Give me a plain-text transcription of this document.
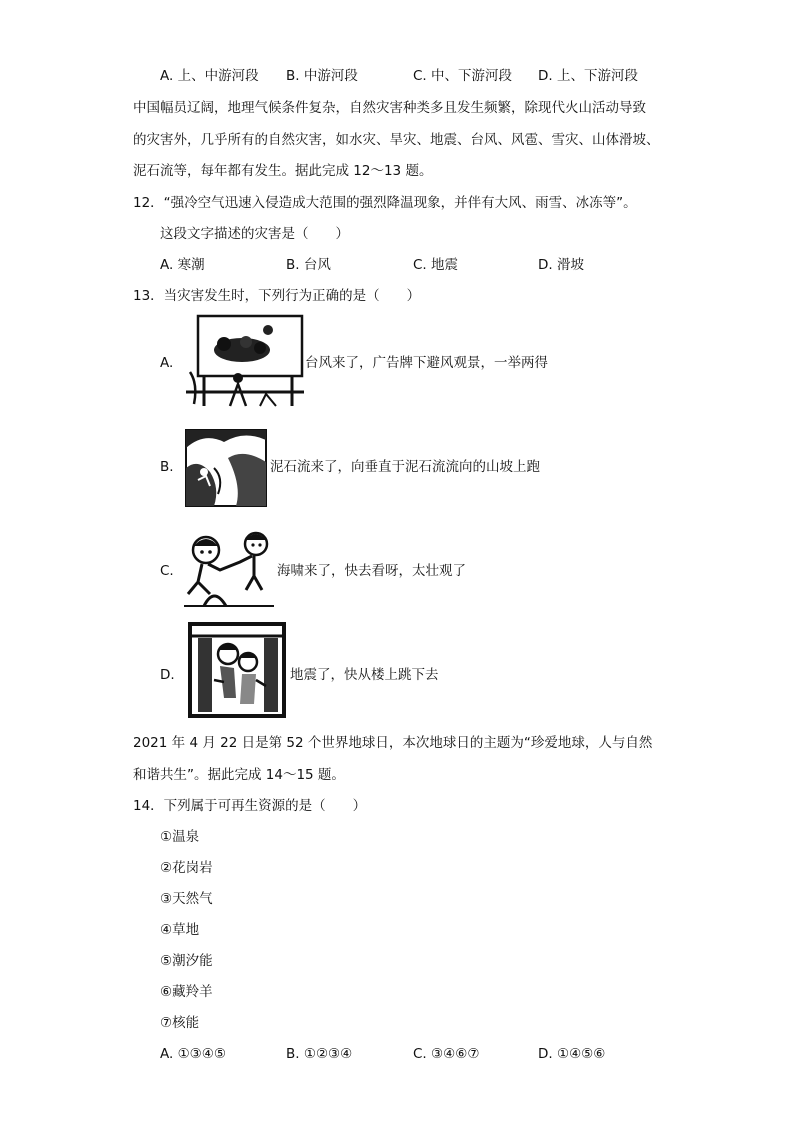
A. 上、中游河段 B. 中游河段	C. 中、下游河段 D. 上、下游河段
中国幅员辽阔，地理气候条件复杂，自然灾害种类多且发生频繁，除现代火山活动导致
的灾害外，几乎所有的自然灾害，如水灾、旱灾、地震、台风、风雹、雪灾、山体滑坡、
泥石流等，每年都有发生。据此完成 12～13 题。
12．“强冷空气迅速入侵造成大范围的强烈降温现象，并伴有大风、雨雪、冰冻等”。
这段文字描述的灾害是（　　）
A. 寒潮	B. 台风	C. 地震	D. 滑坡
13．当灾害发生时，下列行为正确的是（　　）
A.	台风来了，广告牌下避风观景，一举两得
B.	泥石流来了，向垂直于泥石流流向的山坡上跑
C.	海啸来了，快去看呀，太壮观了
D.	地震了，快从楼上跳下去
2021 年 4 月 22 日是第 52 个世界地球日，本次地球日的主题为“珍爱地球，人与自然
和谐共生”。据此完成 14～15 题。
14．下列属于可再生资源的是（　　）
①温泉
②花岗岩
③天然气
④草地
⑤潮汐能
⑥藏羚羊
⑦核能
A. ①③④⑤	B. ①②③④	C. ③④⑥⑦	D. ①④⑤⑥
